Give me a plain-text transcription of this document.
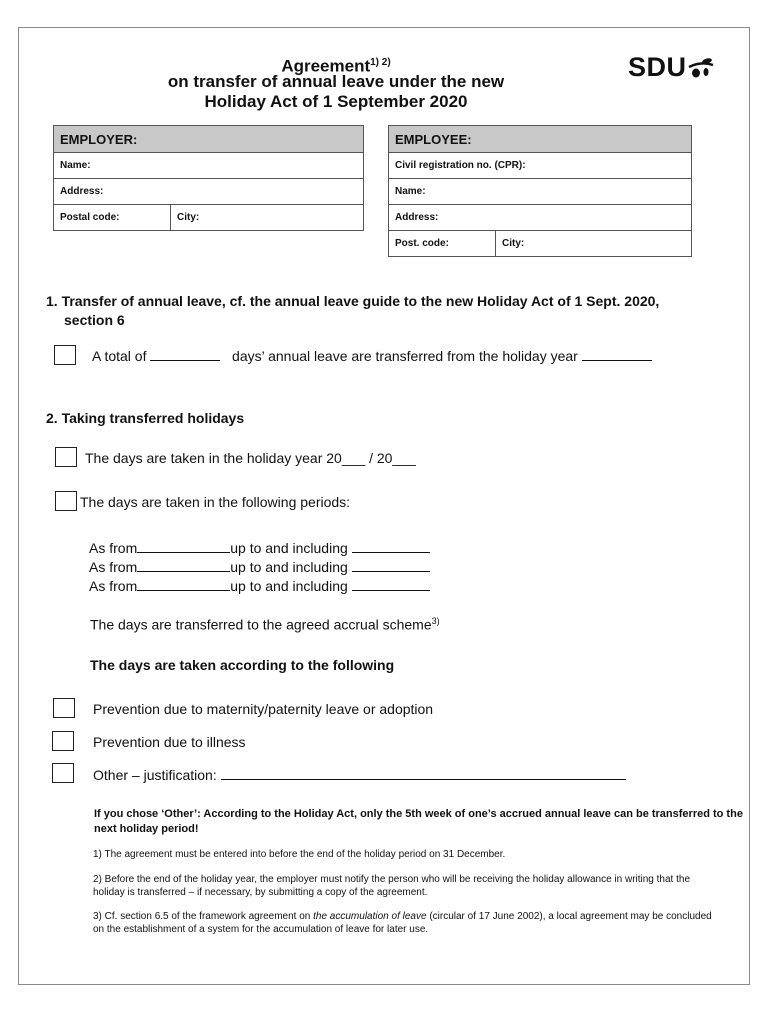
Agreement$^{1) 2)}$
on transfer of annual leave under the new
Holiday Act of 1 September 2020
SDU
EMPLOYER:
Name:
Address:
Postal code:	City:
EMPLOYEE:
Civil registration no. (CPR):
Name:
Address:
Post. code:	City:
1. Transfer of annual leave, cf. the annual leave guide to the new Holiday Act of 1 Sept. 2020,
section 6
A total of	days’ annual leave are transferred from the holiday year
2. Taking transferred holidays
The days are taken in the holiday year 20___ / 20___
The days are taken in the following periods:
As from	up to and including
As from	up to and including
As from	up to and including
The days are transferred to the agreed accrual scheme$^{3)}$
The days are taken according to the following
Prevention due to maternity/paternity leave or adoption
Prevention due to illness
Other – justification:
If you chose ‘Other’: According to the Holiday Act, only the 5th week of one’s accrued annual leave can be transferred to the next holiday period!
1) The agreement must be entered into before the end of the holiday period on 31 December.
2) Before the end of the holiday year, the employer must notify the person who will be receiving the holiday allowance in writing that the holiday is transferred – if necessary, by submitting a copy of the agreement.
3) Cf. section 6.5 of the framework agreement on the accumulation of leave (circular of 17 June 2002), a local agreement may be concluded on the establishment of a system for the accumulation of leave for later use.
